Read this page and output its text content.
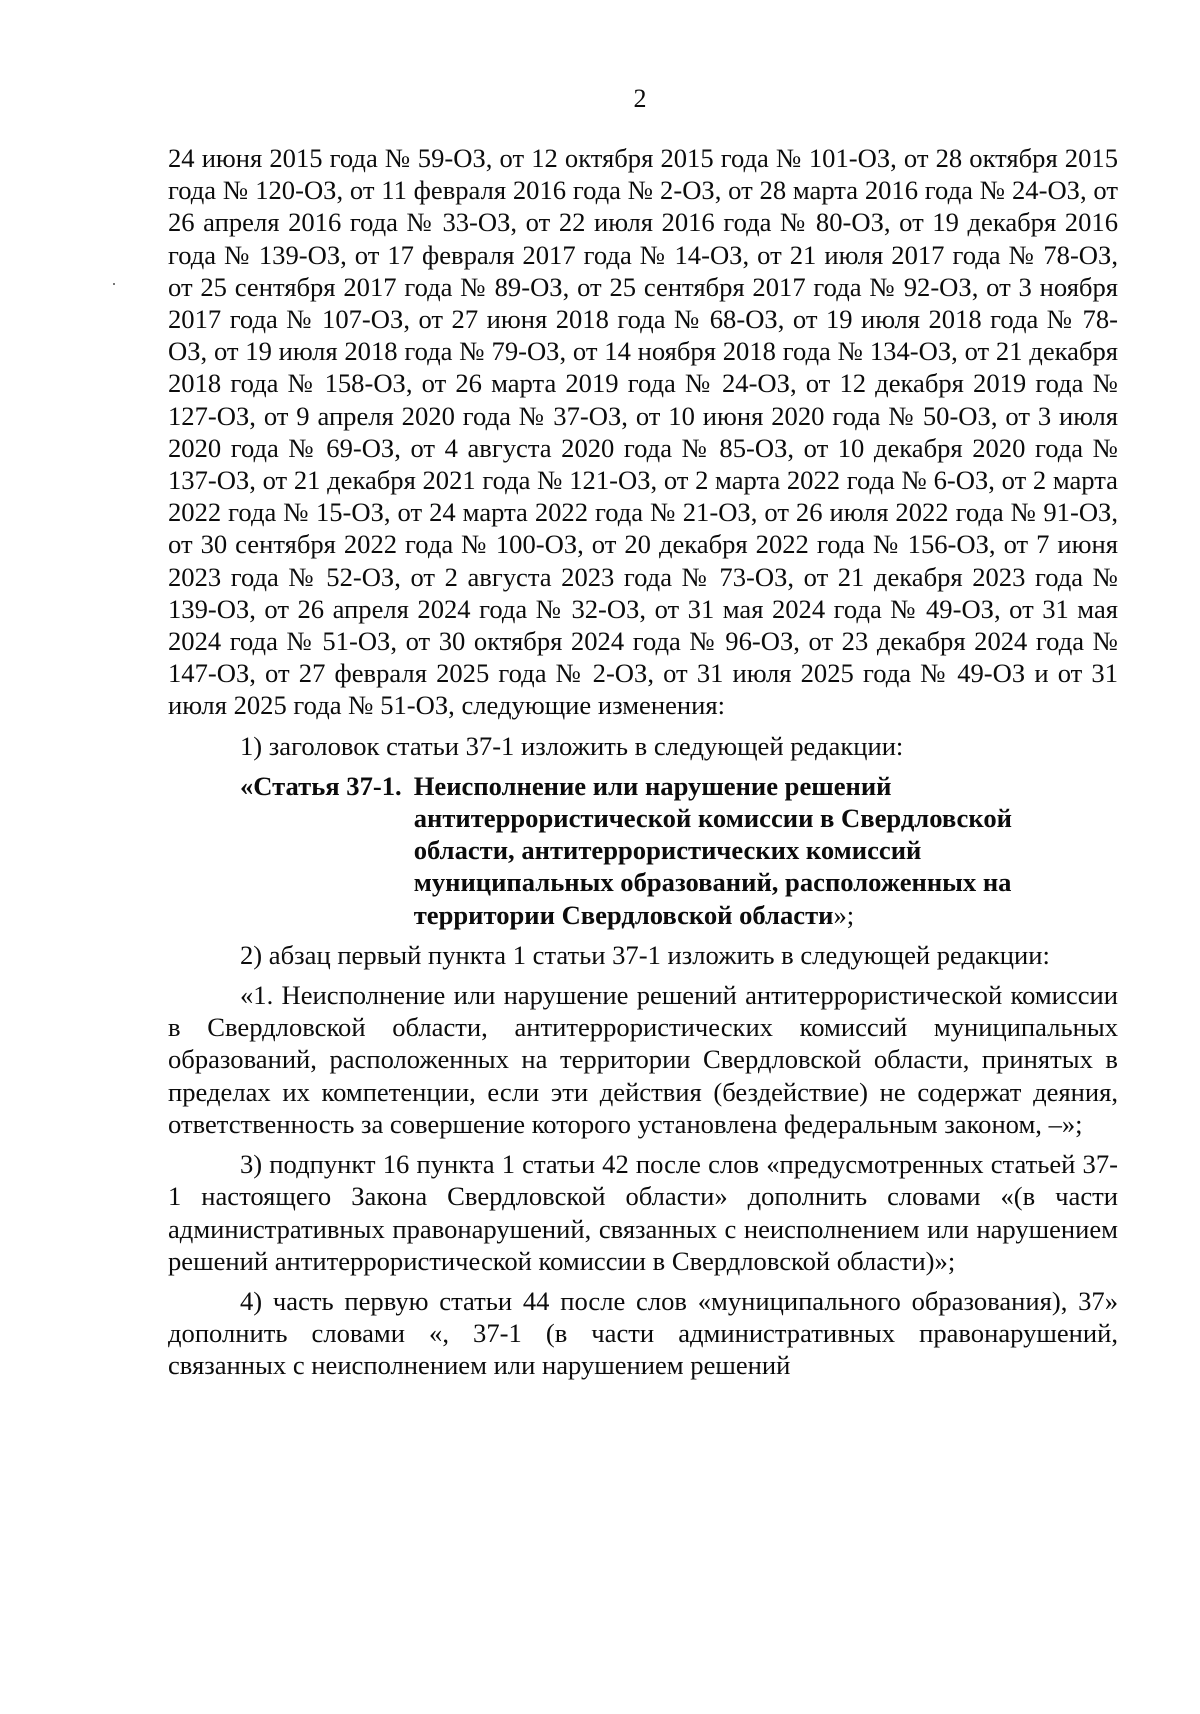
2

24 июня 2015 года № 59-ОЗ, от 12 октября 2015 года № 101-ОЗ, от 28 октября 2015 года № 120-ОЗ, от 11 февраля 2016 года № 2-ОЗ, от 28 марта 2016 года № 24-ОЗ, от 26 апреля 2016 года № 33-ОЗ, от 22 июля 2016 года № 80-ОЗ, от 19 декабря 2016 года № 139-ОЗ, от 17 февраля 2017 года № 14-ОЗ, от 21 июля 2017 года № 78-ОЗ, от 25 сентября 2017 года № 89-ОЗ, от 25 сентября 2017 года № 92-ОЗ, от 3 ноября 2017 года № 107-ОЗ, от 27 июня 2018 года № 68-ОЗ, от 19 июля 2018 года № 78-ОЗ, от 19 июля 2018 года № 79-ОЗ, от 14 ноября 2018 года № 134-ОЗ, от 21 декабря 2018 года № 158-ОЗ, от 26 марта 2019 года № 24-ОЗ, от 12 декабря 2019 года № 127-ОЗ, от 9 апреля 2020 года № 37-ОЗ, от 10 июня 2020 года № 50-ОЗ, от 3 июля 2020 года № 69-ОЗ, от 4 августа 2020 года № 85-ОЗ, от 10 декабря 2020 года № 137-ОЗ, от 21 декабря 2021 года № 121-ОЗ, от 2 марта 2022 года № 6-ОЗ, от 2 марта 2022 года № 15-ОЗ, от 24 марта 2022 года № 21-ОЗ, от 26 июля 2022 года № 91-ОЗ, от 30 сентября 2022 года № 100-ОЗ, от 20 декабря 2022 года № 156-ОЗ, от 7 июня 2023 года № 52-ОЗ, от 2 августа 2023 года № 73-ОЗ, от 21 декабря 2023 года № 139-ОЗ, от 26 апреля 2024 года № 32-ОЗ, от 31 мая 2024 года № 49-ОЗ, от 31 мая 2024 года № 51-ОЗ, от 30 октября 2024 года № 96-ОЗ, от 23 декабря 2024 года № 147-ОЗ, от 27 февраля 2025 года № 2-ОЗ, от 31 июля 2025 года № 49-ОЗ и от 31 июля 2025 года № 51-ОЗ, следующие изменения:

1) заголовок статьи 37-1 изложить в следующей редакции:

«Статья 37-1. Неисполнение или нарушение решений антитеррористической комиссии в Свердловской области, антитеррористических комиссий муниципальных образований, расположенных на территории Свердловской области»;

2) абзац первый пункта 1 статьи 37-1 изложить в следующей редакции:

«1. Неисполнение или нарушение решений антитеррористической комиссии в Свердловской области, антитеррористических комиссий муниципальных образований, расположенных на территории Свердловской области, принятых в пределах их компетенции, если эти действия (бездействие) не содержат деяния, ответственность за совершение которого установлена федеральным законом, –»;

3) подпункт 16 пункта 1 статьи 42 после слов «предусмотренных статьей 37-1 настоящего Закона Свердловской области» дополнить словами «(в части административных правонарушений, связанных с неисполнением или нарушением решений антитеррористической комиссии в Свердловской области)»;

4) часть первую статьи 44 после слов «муниципального образования), 37» дополнить словами «, 37-1 (в части административных правонарушений, связанных с неисполнением или нарушением решений
